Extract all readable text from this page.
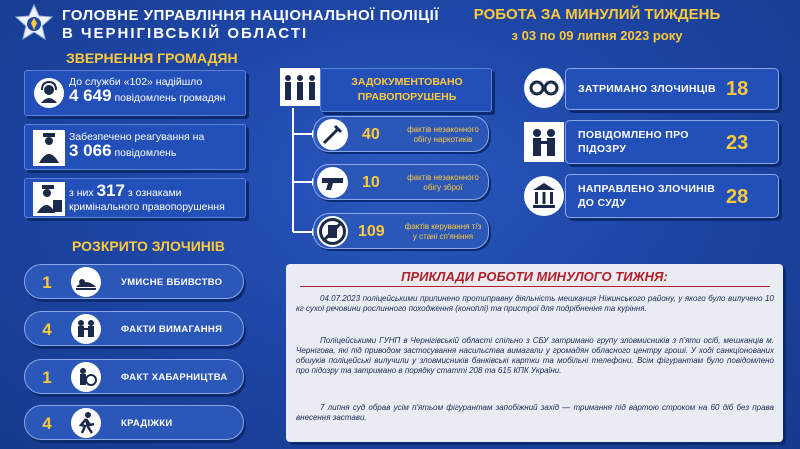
ГОЛОВНЕ УПРАВЛІННЯ НАЦІОНАЛЬНОЇ ПОЛІЦІЇ
В ЧЕРНІГІВСЬКІЙ ОБЛАСТІ
РОБОТА ЗА МИНУЛИЙ ТИЖДЕНЬ
з 03 по 09 липня 2023 року
ЗВЕРНЕННЯ ГРОМАДЯН
До служби «102» надійшло
4 649 повідомлень громадян
Забезпечено реагування на
3 066 повідомлень
з них 317 з ознаками
кримінального правопорушення
РОЗКРИТО ЗЛОЧИНІВ
1	УМИСНЕ ВБИВСТВО
4	ФАКТИ ВИМАГАННЯ
1	ФАКТ ХАБАРНИЦТВА
4	КРАДІЖКИ
ЗАДОКУМЕНТОВАНО
ПРАВОПОРУШЕНЬ
40	фактів незаконного
обігу наркотиків
10	фактів незаконного
обігу зброї
109	фактів керування т/з
у стані сп'яніння
ЗАТРИМАНО ЗЛОЧИНЦІВ 18
ПОВІДОМЛЕНО ПРО
ПІДОЗРУ	23
НАПРАВЛЕНО ЗЛОЧИНІВ
ДО СУДУ	28
ПРИКЛАДИ РОБОТИ МИНУЛОГО ТИЖНЯ:
04.07.2023 поліцейськими припинено протиправну діяльність мешканця Ніжинського району, у якого було вилучено 10 кг сухої речовини рослинного походження (коноплі) та пристрої для подрібнення та куріння.
Поліцейськими ГУНП в Чернігівській області спільно з СБУ затримано групу зловмисників з п'яти осіб, мешканців м. Чернігова, які під приводом застосування насильства вимагали у громадян обласного центру гроші. У ході санкціонованих обшуків поліцейські вилучили у зловмисників банківські картки та мобільні телефони. Всім фігурантам було повідомлено про підозру та затримано в порядку статті 208 та 615 КПК України.
7 липня суд обрав усім п'ятьом фігурантам запобіжний захід — тримання під вартою строком на 60 діб без права внесення застави.
